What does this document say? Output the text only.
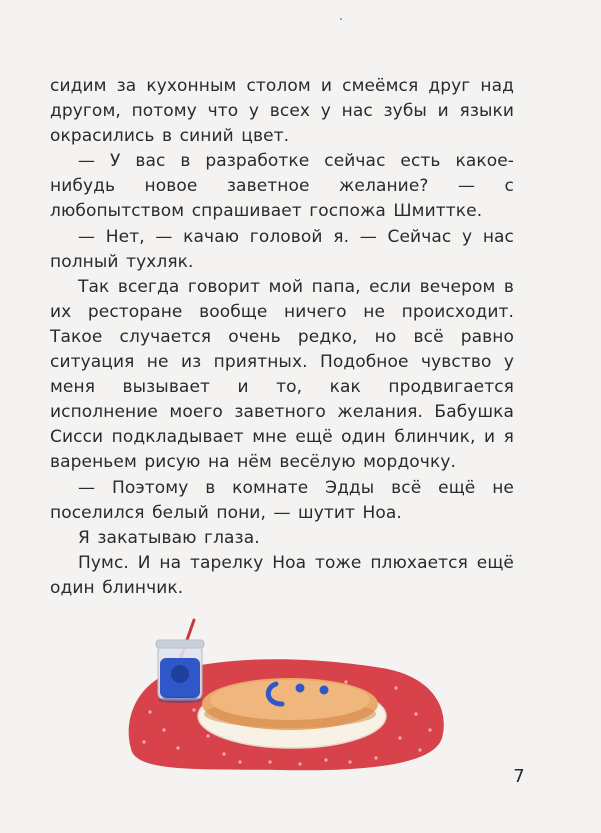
сидим за кухонным столом и смеёмся друг над другом, потому что у всех у нас зубы и языки окрасились в синий цвет.

— У вас в разработке сейчас есть какое-нибудь новое заветное желание? — с любопытством спрашивает госпожа Шмиттке.

— Нет, — качаю головой я. — Сейчас у нас полный тухляк.

Так всегда говорит мой папа, если вечером в их ресторане вообще ничего не происходит. Такое случается очень редко, но всё равно ситуация не из приятных. Подобное чувство у меня вызывает и то, как продвигается исполнение моего заветного желания. Бабушка Сисси подкладывает мне ещё один блинчик, и я вареньем рисую на нём весёлую мордочку.

— Поэтому в комнате Эдды всё ещё не поселился белый пони, — шутит Ноа.

Я закатываю глаза.

Пумс. И на тарелку Ноа тоже плюхается ещё один блинчик.

7
